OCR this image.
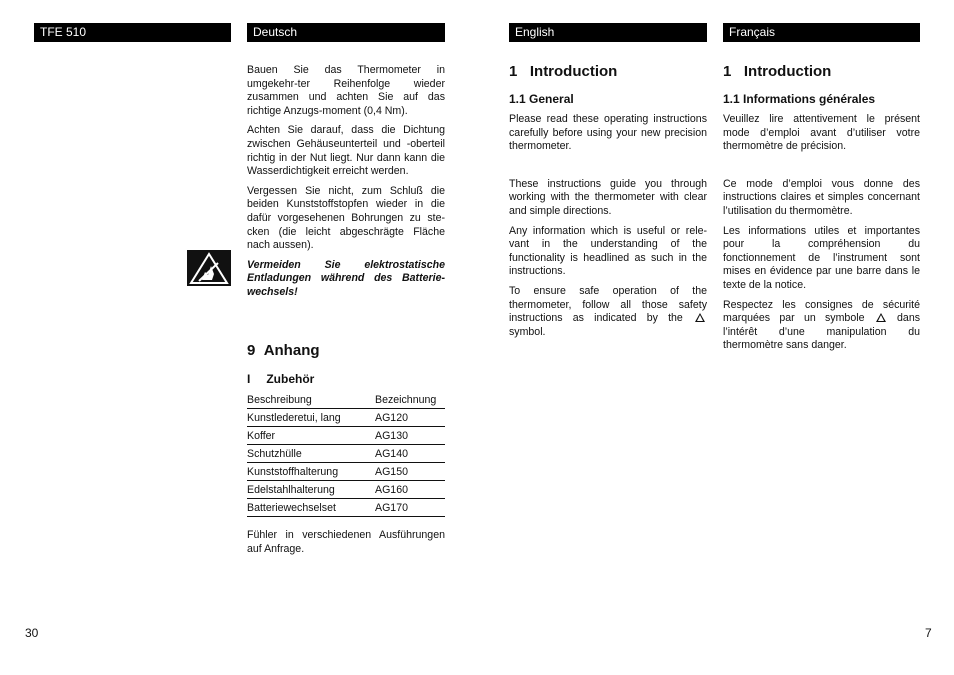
TFE 510	Deutsch	English	Français

Bauen Sie das Thermometer in umgekehr-ter Reihenfolge wieder zusammen und achten Sie auf das richtige Anzugs-moment (0,4 Nm).

Achten Sie darauf, dass die Dichtung zwischen Gehäuseunterteil und -oberteil richtig in der Nut liegt. Nur dann kann die Wasserdichtigkeit erreicht werden.

Vergessen Sie nicht, zum Schluß die beiden Kunststoffstopfen wieder in die dafür vorgesehenen Bohrungen zu ste-cken (die leicht abgeschrägte Fläche nach aussen).

Vermeiden Sie elektrostatische Entladungen während des Batterie-wechsels!

9 Anhang
I Zubehör
Beschreibung	Bezeichnung
Kunstlederetui, lang	AG120
Koffer	AG130
Schutzhülle	AG140
Kunststoffhalterung	AG150
Edelstahlhalterung	AG160
Batteriewechselset	AG170

Fühler in verschiedenen Ausführungen auf Anfrage.

1 Introduction
1.1 General

Please read these operating instructions carefully before using your new precision thermometer.

These instructions guide you through working with the thermometer with clear and simple directions.

Any information which is useful or rele-vant in the understanding of the functionality is headlined as such in the instructions.

To ensure safe operation of the thermometer, follow all those safety instructions as indicated by the  symbol.

1 Introduction
1.1 Informations générales

Veuillez lire attentivement le présent mode d’emploi avant d’utiliser votre thermomètre de précision.

Ce mode d’emploi vous donne des instructions claires et simples concernant l’utilisation du thermomètre.

Les informations utiles et importantes pour la compréhension du fonctionnement de l’instrument sont mises en évidence par une barre dans le texte de la notice.

Respectez les consignes de sécurité marquées par un symbole	dans l’intérêt d’une manipulation du thermomètre sans danger.

30	7
